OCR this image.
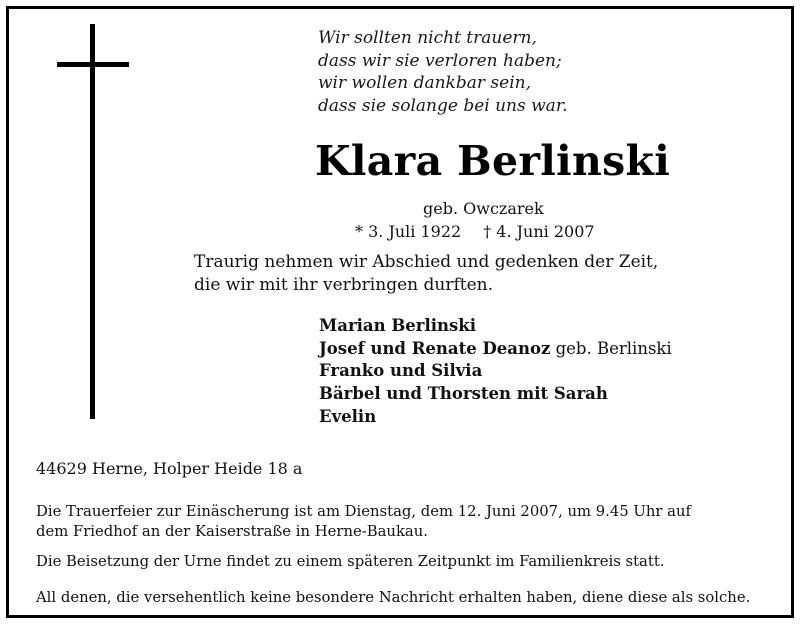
Wir sollten nicht trauern,
dass wir sie verloren haben;
wir wollen dankbar sein,
dass sie solange bei uns war.
Klara Berlinski
geb. Owczarek
* 3. Juli 1922 † 4. Juni 2007
Traurig nehmen wir Abschied und gedenken der Zeit,
die wir mit ihr verbringen durften.
Marian Berlinski
Josef und Renate Deanoz geb. Berlinski
Franko und Silvia
Bärbel und Thorsten mit Sarah
Evelin
44629 Herne, Holper Heide 18 a
Die Trauerfeier zur Einäscherung ist am Dienstag, dem 12. Juni 2007, um 9.45 Uhr auf
dem Friedhof an der Kaiserstraße in Herne-Baukau.
Die Beisetzung der Urne findet zu einem späteren Zeitpunkt im Familienkreis statt.
All denen, die versehentlich keine besondere Nachricht erhalten haben, diene diese als solche.
